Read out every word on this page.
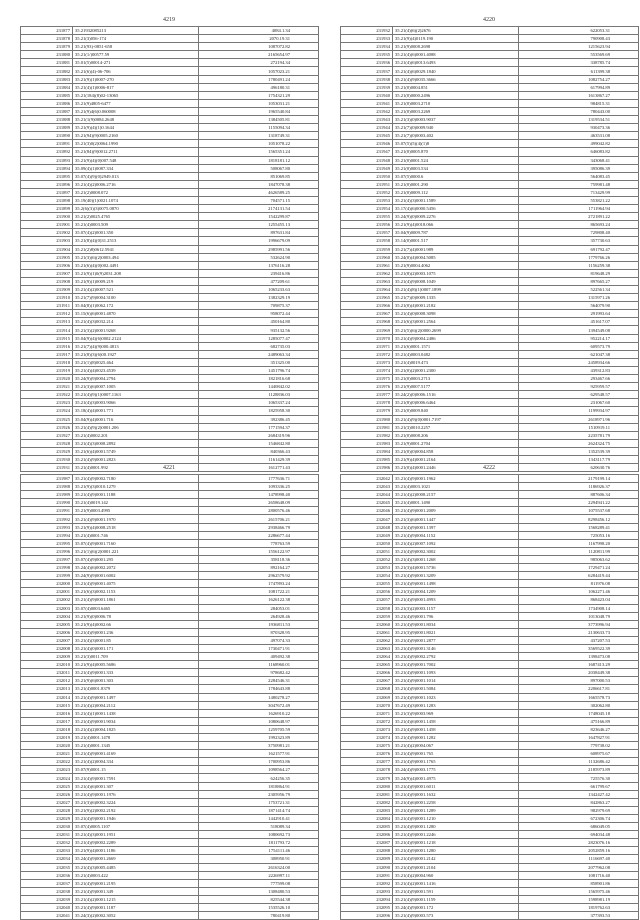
4219
231877	35.21932085213	4084.1.34
231878	35.21(3)056-174	2070.19.31
231879	35.21(93)-0851-658	1087072.82
231880	35.21(1/)00577.59	2165654.97
231881	35.01(5)00014-271	272194.34
231882	35.21(6)(4)-06-706	1057023.21
231883	35.21(9)(1)0007-270	1780491.24
231884	35.21(4)(1)0006-817	496180.31
231885	35.21(184)(8)02-13065	1754321.29
231886	35.21(9)4805-6477	1053031.21
231887	35.21(9)4(6)0.060008	1965540.84
231888	35.21(1(9)0084.2648	1384505.81
231889	35.21(9)(4)(1)0.1644	1155094.34
231890	35.21(94)(9)0005.2160	1318749.31
231891	35.21(3)0(2)0064.1990	1051078.22
231892	35.21(84)(9)0012.2711	1565351.24
231893	35.21(9)(4)(0)007.548	1818181.12
231894	35.09(4)(1)0087.334	508067.80
231895	35.07(4)(9)(0)2949.013	851069.85
231896	35.21(4)(2)0006.2716	1847078.38
231897	35.21(2)0008.072	4626589.25
231898	35.19(40)(1)0021.1074	704571.15
231899	35.2(6)(3)(3)0075.0870	2174131.54
231900	35.21(2)0025.4765	1542299.87
231901	35.21(4)0003.509	1255455.13
231902	35.07(4)(2)0001.350	897631.84
231903	35.21(8)(4)(0)31.2513	1996679.09
231904	35.21(2)8)0612.5941	2985991.56
231905	35.21(3)(6)(2)0003.494	532624.90
231906	35.21(6)(4)(0)002.4491	1376116.28
231907	35.21(9)(1)0(9)2031.208	239416.86
231908	35.21(9)(1)0009.219	477209.61
231909	35.21(4)(2)0007.521	1065233.63
231910	35.21(7)(9)0004.3100	1382329.19
231911	35.04(8)(1)0062.172	709875.37
231912	35.15(6)(6)0001.4870	958072.44
231913	35.21(4)(3)0032.214	450164.80
231914	35.21(3)(2)0001.9268	935132.56
231915	35.04(9)(4)(6)0002.2124	1285077.47
231916	35.21(7)(4)(9)000.4813	682735.03
231917	35.21(8)(3)(6)00.1927	2489063.34
231918	35.21(1)(8)0025.464	351325.00
231919	35.21(4)(4)0023.4539	1451796.74
231920	35.24(9)(9)0004.2794	1821816.68
231921	35.21(3)(6)0007.1005	1440842.02
231922	35.21(4)(9)(1)0007.1163	1128836.03
231923	35.21(4)(3)0003.9066	1065337.24
231924	35.18(4)(4)0001.771	1825958.30
231925	35.04(9)(4)0001.716	392386.45
231926	35.21(4)(9)(2)0001.206	1771594.37
231927	35.21(4)0002.201	2684319.96
231928	35.21(4)(3)0008.2892	1546842.80
231929	35.21(6)(4)0001.5749	840366.43
231930	35.21(4)(9)0001.2823	1161429.39
231931	35.21(4)0001.992	1612771.43
4220
231932	35.21(4)(6)(2)2676	622053.31
231933	35.21(9)(4)0119.190	790908.43
231934	35.21(9)0008.2698	1215623.94
231935	35.21(4)(6)0001.4088	553569.69
231936	35.21(4)(6)0013.6493	338785.74
231937	35.21(4)(6)0029.1840	611399.38
231938	35.21(4)(9)0035.3666	1082754.27
231939	35.21(0)0004.851	617994.89
231940	35.21(0)0000.2496	1613867.27
231941	35.21(0)0003.2710	984815.31
231942	35.21(0)0003.2269	780443.00
231943	35.21(3)(0)0003.9037	1319534.51
231944	35.21(7)(0)0009.940	930473.36
231945	35.21(7)(0)0003.402	463531.08
231946	35.07(5)(5)(4)(1)8	499042.82
231947	35.21(0)0005.870	646083.82
231948	35.21(0)0001.524	343068.41
231949	35.21(0)0003.534	395086.39
231950	35.07(5)0000.6	564083.45
231951	35.21(0)0001.290	759981.48
231952	35.21(0)0009.112	713429.99
231953	35.21(4)(3)0001.1589	553821.22
231954	35.17(4)(6)0000.5456	1711964.94
231955	35.24(9)(0)0009.2276	2721891.22
231956	35.21(9)(4)0018.066	865693.24
231957	35.04(9)0009.787	729808.40
231958	35.14(0)0001.517	357730.63
231959	35.21(7)(4)0001.989	691792.47
231960	35.24(0)(4)0004.5085	1779766.26
231961	35.21(9)0004.4062	1156259.38
231962	35.21(8)(2)0003.1075	819648.29
231963	35.21(4)(9)0008.1049	897665.27
231964	35.21(4)(8)(1)0007.1899	522561.34
231965	35.21(7)(0)0009.1335	1315971.26
231966	35.21(0)(4)0001.2182	564079.90
231967	35.21(4)(0)0008.3098	291993.64
231968	35.21(6)(3)0001.2564	451617.07
231969	35.21(5)(6)(2)0000.2699	1394549.08
231970	35.21(4)(9)0004.2486	952214.17
231971	35.21(6)0001.1571	609573.79
231972	35.21(4)0003.0482	621047.38
231973	35.21(4)0019.473	2458934.66
231974	35.21(0)(2)0001.2300	439312.83
231975	35.21(0)0003.2713	293467.66
231976	35.21(9)0007.5177	925959.57
231977	35.24(2)(0)0006.1516	629548.57
231978	35.21(8)(0)0006.6464	231067.60
231979	35.21(0)0009.840	1199934.97
231980	35.21(4)(9)(0)0001.7197	2618971.96
231981	35.21(3)0010.2257	1510919.11
231982	35.21(0)0008.206	2235781.79
231983	35.21(9)0001.2704	2624324.75
231984	35.21(0)(0)0004.858	1352539.39
231985	35.21(9)(4)0001.2164	1343117.79
231986	35.21(0)(4)0001.2446	620630.76
4221
231987	35.21(4)(9)0002.7180	1777636.71
231988	35.21(9)(3)0010.1279	1093336.25
231989	35.21(4)(9)0001.1188	1478998.40
231990	35.21(4)0019.142	2658648.09
231991	35.21(9)0003.4995	2800576.46
231992	35.21(4)(9)0001.1970	2615706.21
231993	35.21(9)(4)0008.2518	2938466.79
231994	35.21(4)0001.746	2286677.44
231995	35.07(4)(9)0001.7160	778763.59
231996	35.21(1)(6)(2)0001.221	1556122.97
231997	35.07(4)(9)0001.295	358118.36
231998	35.24(4)(6)0002.2072	892164.27
231999	35.24(9)(9)0001.6002	2962579.92
232000	35.21(4)(9)0001.4075	1747893.24
232001	35.21(6)(3)0002.1153	1081722.21
232002	35.21(4)(9)0001.1861	1626122.38
232003	35.07(4)0003.6465	284053.01
232004	35.21(9)(0)0006.78	264928.46
232005	35.21(9)(4)0002.66	1936811.53
232006	35.21(4)(9)0001.236	870328.95
232007	35.21(4)(3)0001.85	497074.33
232008	35.21(4)(0)0001.171	1730471.91
232009	35.21(3)0011.709	409492.38
232010	35.21(9)(4)0005.5686	1168960.01
232011	35.21(4)(9)0001.333	978682.42
232012	35.21(9)(6)0001.303	2284546.31
232013	35.21(4)0001.8379	1784643.88
232014	35.21(4)(9)0001.1497	1480278.27
232015	35.21(4)(2)0004.2112	3047672.49
232016	35.21(4)(1)0001.1438	1626910.22
232017	35.21(4)(9)0001.9034	1080648.97
232018	35.21(4)(2)0004.1825	1259705.59
232019	35.21(4)0001.1478	1992323.89
232020	35.21(4)0001.1345	3750981.21
232021	35.21(4)(9)0001.4169	1621577.91
232022	35.21(4)(2)0004.334	1700953.86
232023	35.07(9)0001.15	1098564.27
232024	35.21(4)(9)0001.7591	624256.35
232025	35.21(4)(6)0001.307	1818864.91
232026	35.21(4)(9)0001.1976	2305956.79
232027	35.21(3)(6)0002.3224	1753721.31
232028	35.21(9)(2)0002.2192	1871414.74
232029	35.21(4)(9)0001.1946	1442910.41
232030	35.07(4)0005.1107	518089.34
232031	35.21(4)(3)0001.1951	1080692.73
232032	35.21(4)(9)0002.2289	1811793.72
232033	35.21(9)(4)0001.1186	1754111.46
232034	35.24(4)(9)0001.2669	308950.91
232035	35.21(4)(3)0005.4485	2616324.00
232036	35.21(4)0003.422	2226997.11
232037	35.21(4)(9)0001.2195	777599.08
232038	35.21(4)(9)0001.349	1308480.53
232039	35.21(4)(2)0001.1215	825544.38
232040	35.21(4)(9)0001.1187	1535526.10
232041	35.24(3)(2)0002.3052	780419.80
4222
232042	35.21(4)(9)0001.1962	2179199.14
232043	35.21(4)0003.1021	1186926.37
232044	35.21(4)(2)0008.2157	887606.34
232045	35.21(4)0001.1490	2294941.22
232046	35.21(4)(9)0001.2009	1075537.68
232047	35.21(3)(6)0001.1447	8298456.12
232048	35.21(4)(9)0001.1397	1568289.41
232049	35.21(4)(9)0004.1152	725053.16
232050	35.21(4)(2)0007.1092	1167998.20
232051	35.21(4)(9)0002.3002	1120811.99
232052	35.21(4)(3)0001.1268	985063.62
232053	35.21(3)(4)0001.5736	1729471.24
232054	35.21(4)(9)0001.3209	6284419.44
232055	35.21(4)(9)0001.1498	811976.08
232056	35.21(3)(2)0004.1209	1062271.46
232057	35.21(4)(9)0001.4993	868423.04
232058	35.21(3)(2)0003.1157	1734908.14
232059	35.21(4)(9)0001.796	1013048.79
232060	35.21(4)(9)0001.8034	3773996.94
232061	35.21(3)(9)0001.8021	2130633.73
232062	35.21(4)(9)0001.2877	437207.53
232063	35.21(4)(9)0001.3146	3569522.39
232064	35.21(4)(9)0002.2792	1398473.08
232065	35.21(4)(9)0001.7002	1687413.29
232066	35.21(4)(9)0001.1093	2038449.38
232067	35.21(4)(9)0001.1014	897000.53
232068	35.21(4)(9)0001.5084	2206617.81
232069	35.21(4)(9)0001.1023	1665578.73
232070	35.21(4)(3)0001.1283	302062.80
232071	35.21(3)(9)0003.969	1748045.18
232072	35.21(4)(6)0001.1458	475166.89
232073	35.21(4)(9)0001.1458	823646.27
232074	35.21(4)(9)0001.1282	1647827.91
232075	35.21(4)(2)0004.067	779738.02
232076	35.21(4)(9)0001.765	608975.67
232077	35.21(4)(9)0001.1765	1132686.42
232078	35.24(4)(9)0003.1775	2185973.89
232079	35.24(9)(4)0001.4975	725576.30
232080	35.21(4)(9)0001.6011	661799.67
232081	35.21(4)(9)0001.1632	1342427.42
232082	35.21(4)(6)0001.2258	842863.27
232083	35.21(4)(9)0001.1289	982979.69
232084	35.21(4)(9)0001.1210	672306.74
232085	35.21(4)(9)0001.1280	686049.05
232086	35.21(4)(9)0001.2246	694034.48
232087	35.21(4)(9)0001.1218	2823076.16
232088	35.21(4)(9)0001.1280	2052859.16
232089	35.21(4)(9)0001.2142	1116697.40
232090	35.21(4)(9)0001.2104	2077962.08
232091	35.21(4)(2)0004.960	1081716.40
232092	35.21(4)(2)0001.1416	858901.86
232093	35.21(4)(9)0001.591	1565975.46
232094	35.21(4)(9)0001.1159	1598981.19
232095	35.24(4)(9)0001.172	1819762.63
232096	35.21(4)(9)0003.573	377393.53
